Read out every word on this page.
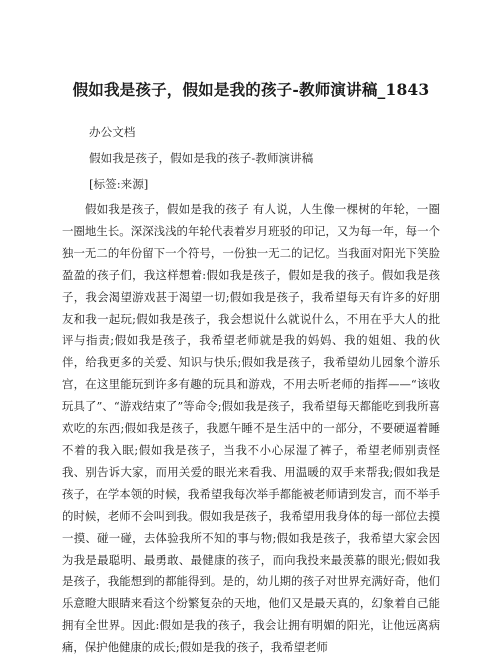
假如我是孩子，假如是我的孩子-教师演讲稿_1843
办公文档
假如我是孩子，假如是我的孩子-教师演讲稿
[标签:来源]

假如我是孩子，假如是我的孩子 有人说，人生像一棵树的年轮，一圈一圈地生长。深深浅浅的年轮代表着岁月班驳的印记，又为每一年，每一个独一无二的年份留下一个符号，一份独一无二的记忆。当我面对阳光下笑脸盈盈的孩子们，我这样想着:假如我是孩子，假如是我的孩子。假如我是孩子，我会渴望游戏甚于渴望一切;假如我是孩子，我希望每天有许多的好朋友和我一起玩;假如我是孩子，我会想说什么就说什么，不用在乎大人的批评与指责;假如我是孩子，我希望老师就是我的妈妈、我的姐姐、我的伙伴，给我更多的关爱、知识与快乐;假如我是孩子，我希望幼儿园象个游乐宫，在这里能玩到许多有趣的玩具和游戏，不用去听老师的指挥——“该收玩具了”、“游戏结束了”等命令;假如我是孩子，我希望每天都能吃到我所喜欢吃的东西;假如我是孩子，我愿午睡不是生活中的一部分，不要硬逼着睡不着的我入眠;假如我是孩子，当我不小心尿湿了裤子，希望老师别责怪我、别告诉大家，而用关爱的眼光来看我、用温暖的双手来帮我;假如我是孩子，在学本领的时候，我希望我每次举手都能被老师请到发言，而不举手的时候，老师不会叫到我。假如我是孩子，我希望用我身体的每一部位去摸一摸、碰一碰，去体验我所不知的事与物;假如我是孩子，我希望大家会因为我是最聪明、最勇敢、最健康的孩子，而向我投来最羡慕的眼光;假如我是孩子，我能想到的都能得到。是的，幼儿期的孩子对世界充满好奇，他们乐意瞪大眼睛来看这个纷繁复杂的天地，他们又是最天真的，幻象着自己能拥有全世界。因此:假如是我的孩子，我会让拥有明媚的阳光，让他远离病痛，保护他健康的成长;假如是我的孩子，我希望老师
